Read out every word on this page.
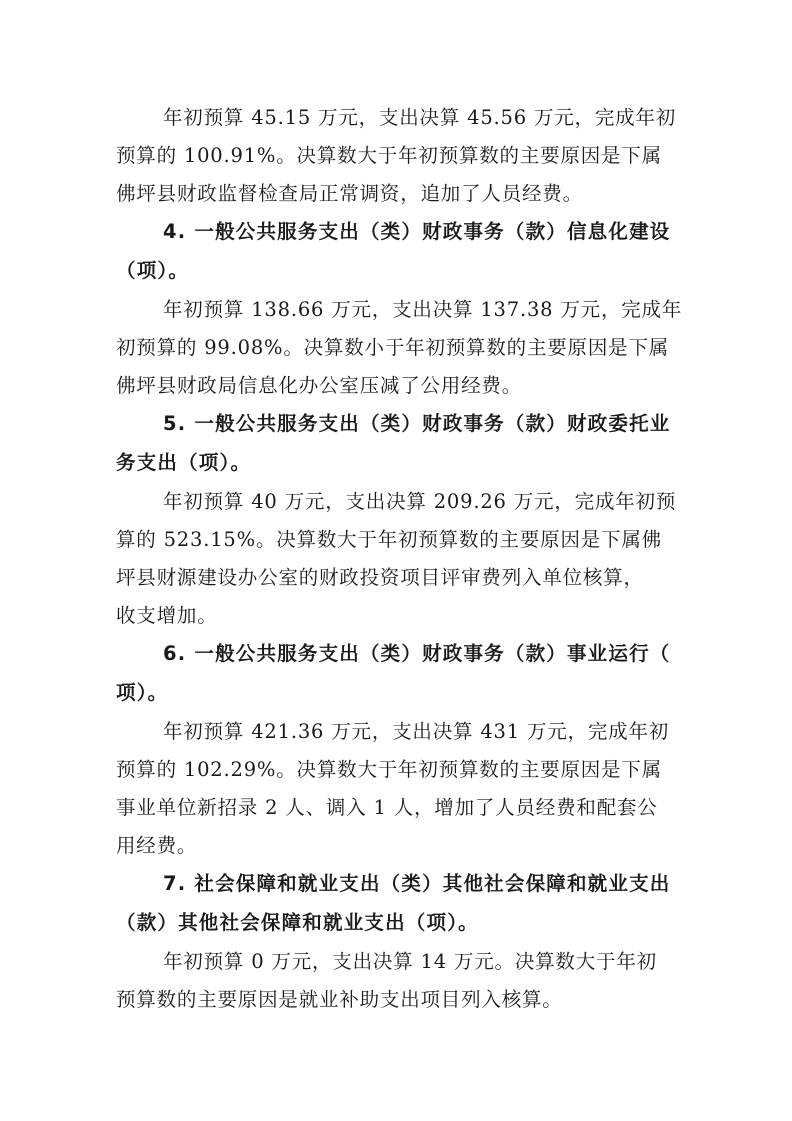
年初预算 45.15 万元，支出决算 45.56 万元，完成年初
预算的 100.91%。决算数大于年初预算数的主要原因是下属
佛坪县财政监督检查局正常调资，追加了人员经费。
4. 一般公共服务支出（类）财政事务（款）信息化建设
（项）。
年初预算 138.66 万元，支出决算 137.38 万元，完成年
初预算的 99.08%。决算数小于年初预算数的主要原因是下属
佛坪县财政局信息化办公室压减了公用经费。
5. 一般公共服务支出（类）财政事务（款）财政委托业
务支出（项）。
年初预算 40 万元，支出决算 209.26 万元，完成年初预
算的 523.15%。决算数大于年初预算数的主要原因是下属佛
坪县财源建设办公室的财政投资项目评审费列入单位核算，
收支增加。
6. 一般公共服务支出（类）财政事务（款）事业运行（
项）。
年初预算 421.36 万元，支出决算 431 万元，完成年初
预算的 102.29%。决算数大于年初预算数的主要原因是下属
事业单位新招录 2 人、调入 1 人，增加了人员经费和配套公
用经费。
7. 社会保障和就业支出（类）其他社会保障和就业支出
（款）其他社会保障和就业支出（项）。
年初预算 0 万元，支出决算 14 万元。决算数大于年初
预算数的主要原因是就业补助支出项目列入核算。
